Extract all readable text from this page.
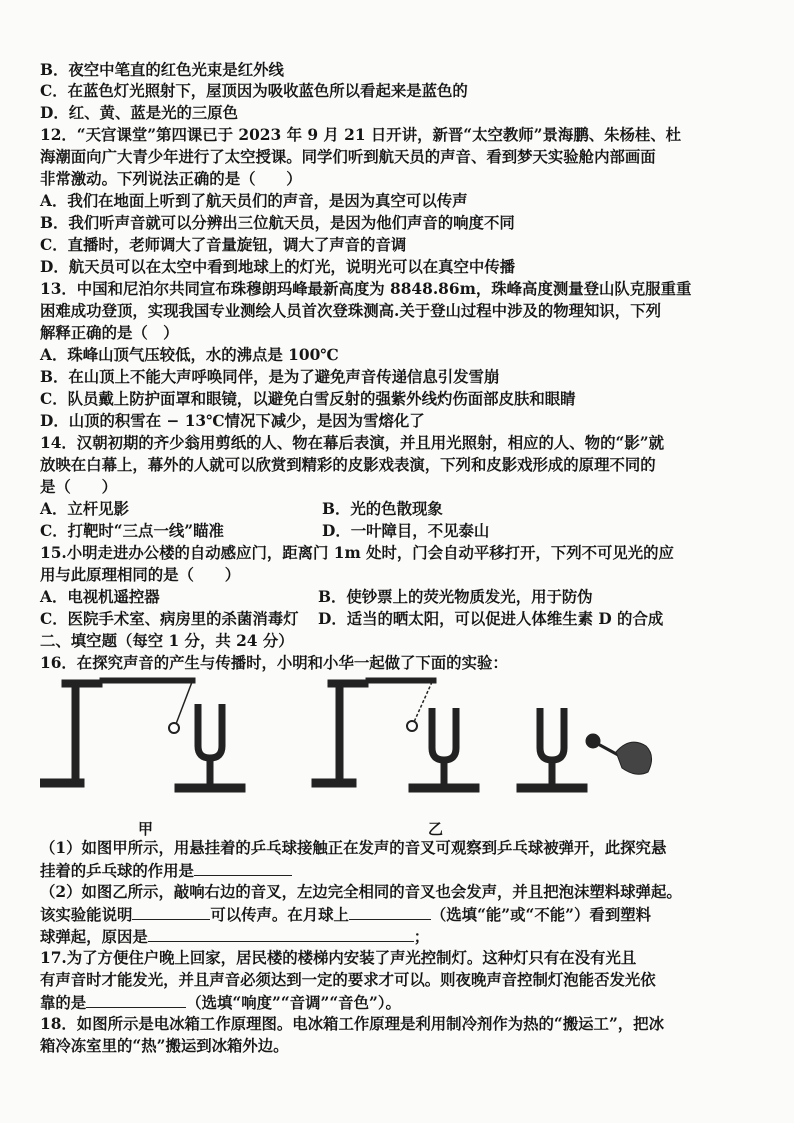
B．夜空中笔直的红色光束是红外线
C．在蓝色灯光照射下，屋顶因为吸收蓝色所以看起来是蓝色的
D．红、黄、蓝是光的三原色
12．“天宫课堂”第四课已于 2023 年 9 月 21 日开讲，新晋“太空教师”景海鹏、朱杨桂、杜
海潮面向广大青少年进行了太空授课。同学们听到航天员的声音、看到梦天实验舱内部画面
非常激动。下列说法正确的是（　　）
A．我们在地面上听到了航天员们的声音，是因为真空可以传声
B．我们听声音就可以分辨出三位航天员，是因为他们声音的响度不同
C．直播时，老师调大了音量旋钮，调大了声音的音调
D．航天员可以在太空中看到地球上的灯光，说明光可以在真空中传播
13．中国和尼泊尔共同宣布珠穆朗玛峰最新高度为 8848.86m，珠峰高度测量登山队克服重重
困难成功登顶，实现我国专业测绘人员首次登珠测高.关于登山过程中涉及的物理知识，下列
解释正确的是（　）
A．珠峰山顶气压较低，水的沸点是 100℃
B．在山顶上不能大声呼唤同伴，是为了避免声音传递信息引发雪崩
C．队员戴上防护面罩和眼镜，以避免白雪反射的强紫外线灼伤面部皮肤和眼睛
D．山顶的积雪在 − 13℃情况下减少，是因为雪熔化了
14．汉朝初期的齐少翁用剪纸的人、物在幕后表演，并且用光照射，相应的人、物的“影”就
放映在白幕上，幕外的人就可以欣赏到精彩的皮影戏表演，下列和皮影戏形成的原理不同的
是（　　）
A．立杆见影	B．光的色散现象
C．打靶时“三点一线”瞄准	D．一叶障目，不见泰山
15.小明走进办公楼的自动感应门，距离门 1m 处时，门会自动平移打开，下列不可见光的应
用与此原理相同的是（　　）
A．电视机遥控器	B．使钞票上的荧光物质发光，用于防伪
C．医院手术室、病房里的杀菌消毒灯	D．适当的晒太阳，可以促进人体维生素 D 的合成
二、填空题（每空 1 分，共 24 分）
16．在探究声音的产生与传播时，小明和小华一起做了下面的实验：
甲	乙
（1）如图甲所示，用悬挂着的乒乓球接触正在发声的音叉可观察到乒乓球被弹开，此探究悬
挂着的乒乓球的作用是
（2）如图乙所示，敲响右边的音叉，左边完全相同的音叉也会发声，并且把泡沫塑料球弹起。
该实验能说明	可以传声。在月球上	（选填“能”或“不能”）看到塑料
球弹起，原因是	；
17.为了方便住户晚上回家，居民楼的楼梯内安装了声光控制灯。这种灯只有在没有光且
有声音时才能发光，并且声音必须达到一定的要求才可以。则夜晚声音控制灯泡能否发光依
靠的是	（选填“响度”“音调”“音色”）。
18．如图所示是电冰箱工作原理图。电冰箱工作原理是利用制冷剂作为热的“搬运工”，把冰
箱冷冻室里的“热”搬运到冰箱外边。
